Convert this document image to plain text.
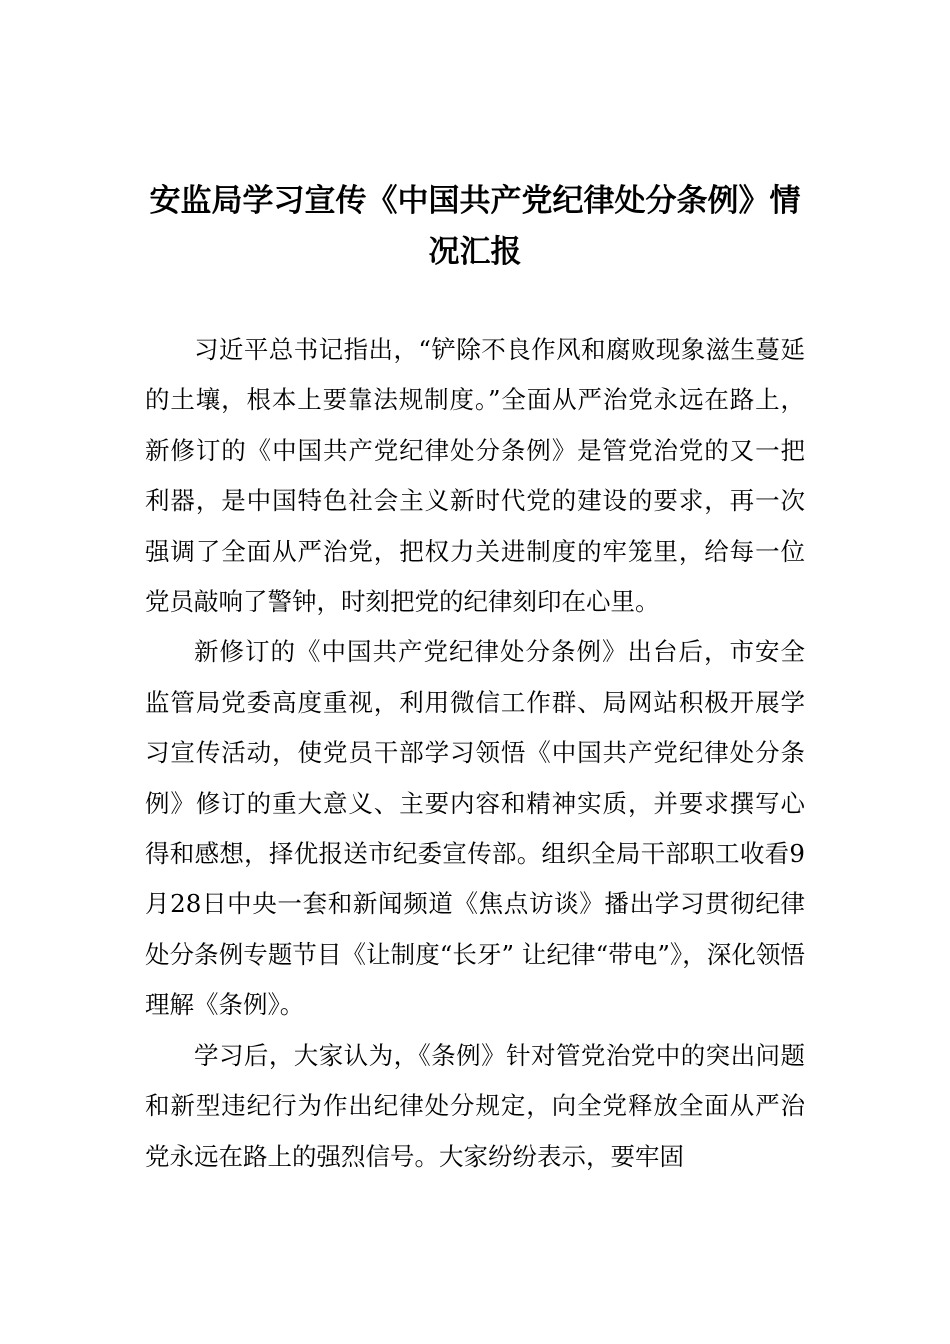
安监局学习宣传《中国共产党纪律处分条例》情况汇报

习近平总书记指出，“铲除不良作风和腐败现象滋生蔓延的土壤，根本上要靠法规制度。”全面从严治党永远在路上，新修订的《中国共产党纪律处分条例》是管党治党的又一把利器，是中国特色社会主义新时代党的建设的要求，再一次强调了全面从严治党，把权力关进制度的牢笼里，给每一位党员敲响了警钟，时刻把党的纪律刻印在心里。

新修订的《中国共产党纪律处分条例》出台后，市安全监管局党委高度重视，利用微信工作群、局网站积极开展学习宣传活动，使党员干部学习领悟《中国共产党纪律处分条例》修订的重大意义、主要内容和精神实质，并要求撰写心得和感想，择优报送市纪委宣传部。组织全局干部职工收看9月28日中央一套和新闻频道《焦点访谈》播出学习贯彻纪律处分条例专题节目《让制度“长牙” 让纪律“带电”》，深化领悟理解《条例》。

学习后，大家认为，《条例》针对管党治党中的突出问题和新型违纪行为作出纪律处分规定，向全党释放全面从严治党永远在路上的强烈信号。大家纷纷表示，要牢固
